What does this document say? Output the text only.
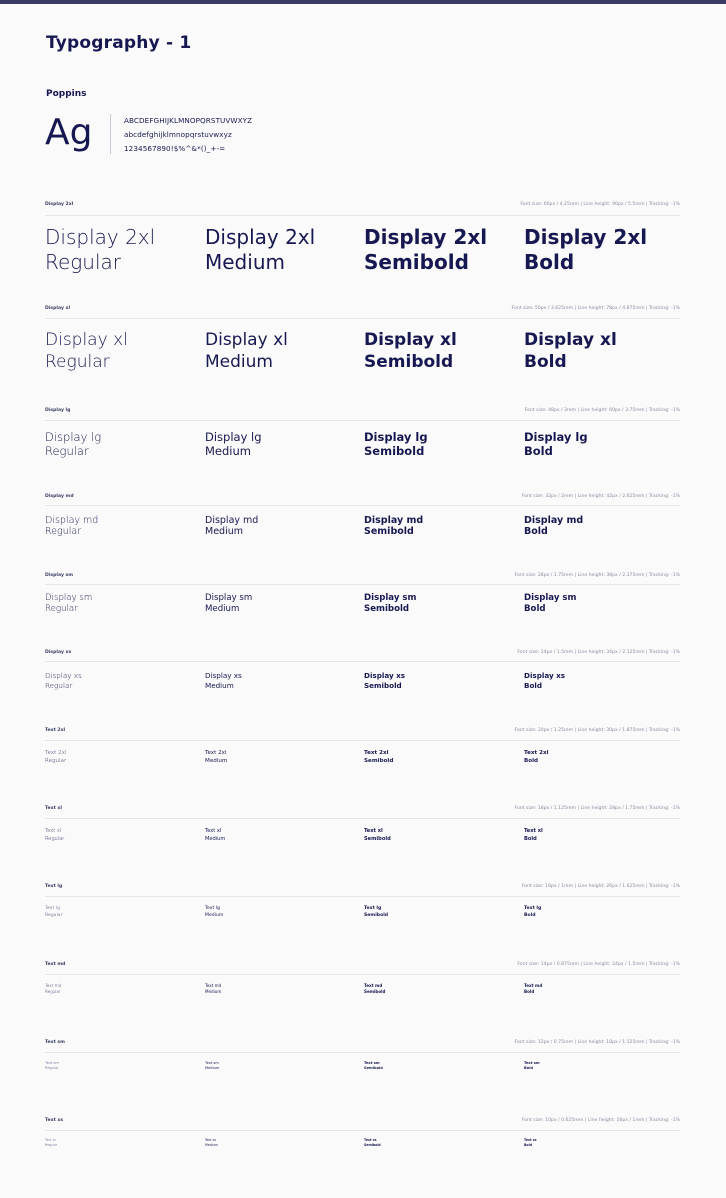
Typography - 1
Poppins
Ag	ABCDEFGHIJKLMNOPQRSTUVWXYZ
abcdefghijklmnopqrstuvwxyz
1234567890!$%^&*()_+-=
Display 2xl	Font size: 60px / 4.25rem | Line height: 90px / 5.5rem | Tracking: -1%
Display 2xl
Regular
Display 2xl
Medium
Display 2xl
Semibold
Display 2xl
Bold
Display xl	Font size: 56px / 3.625rem | Line height: 78px / 4.875rem | Tracking: -1%
Display xl
Regular
Display xl
Medium
Display xl
Semibold
Display xl
Bold
Display lg	Font size: 48px / 3rem | Line height: 60px / 3.75rem | Tracking: -1%
Display lg
Regular
Display lg
Medium
Display lg
Semibold
Display lg
Bold
Display md	Font size: 32px / 2rem | Line height: 42px / 2.625rem | Tracking: -1%
Display md
Regular
Display md
Medium
Display md
Semibold
Display md
Bold
Display sm	Font size: 28px / 1.75rem | Line height: 38px / 2.375rem | Tracking: -1%
Display sm
Regular
Display sm
Medium
Display sm
Semibold
Display sm
Bold
Display xs	Font size: 24px / 1.5rem | Line height: 34px / 2.125rem | Tracking: -1%
Display xs
Regular
Display xs
Medium
Display xs
Semibold
Display xs
Bold
Text 2xl	Font size: 20px / 1.25rem | Line height: 30px / 1.875rem | Tracking: -1%
Text 2xl
Regular
Text 2xl
Medium
Text 2xl
Semibold
Text 2xl
Bold
Text xl	Font size: 18px / 1.125rem | Line height: 28px / 1.75rem | Tracking: -1%
Text xl
Regular
Text xl
Medium
Text xl
Semibold
Text xl
Bold
Text lg	Font size: 16px / 1rem | Line height: 26px / 1.625rem | Tracking: -1%
Text lg
Regular
Text lg
Medium
Text lg
Semibold
Text lg
Bold
Text md	Font size: 14px / 0.875rem | Line height: 24px / 1.5rem | Tracking: -1%
Text md
Regular
Text md
Medium
Text md
Semibold
Text md
Bold
Text sm	Font size: 12px / 0.75rem | Line height: 18px / 1.125rem | Tracking: -1%
Text sm
Regular
Text sm
Medium
Text sm
Semibold
Text sm
Bold
Text xs	Font size: 10px / 0.625rem | Line height: 16px / 1rem | Tracking: -1%
Text xs
Regular
Text xs
Medium
Text xs
Semibold
Text xs
Bold
